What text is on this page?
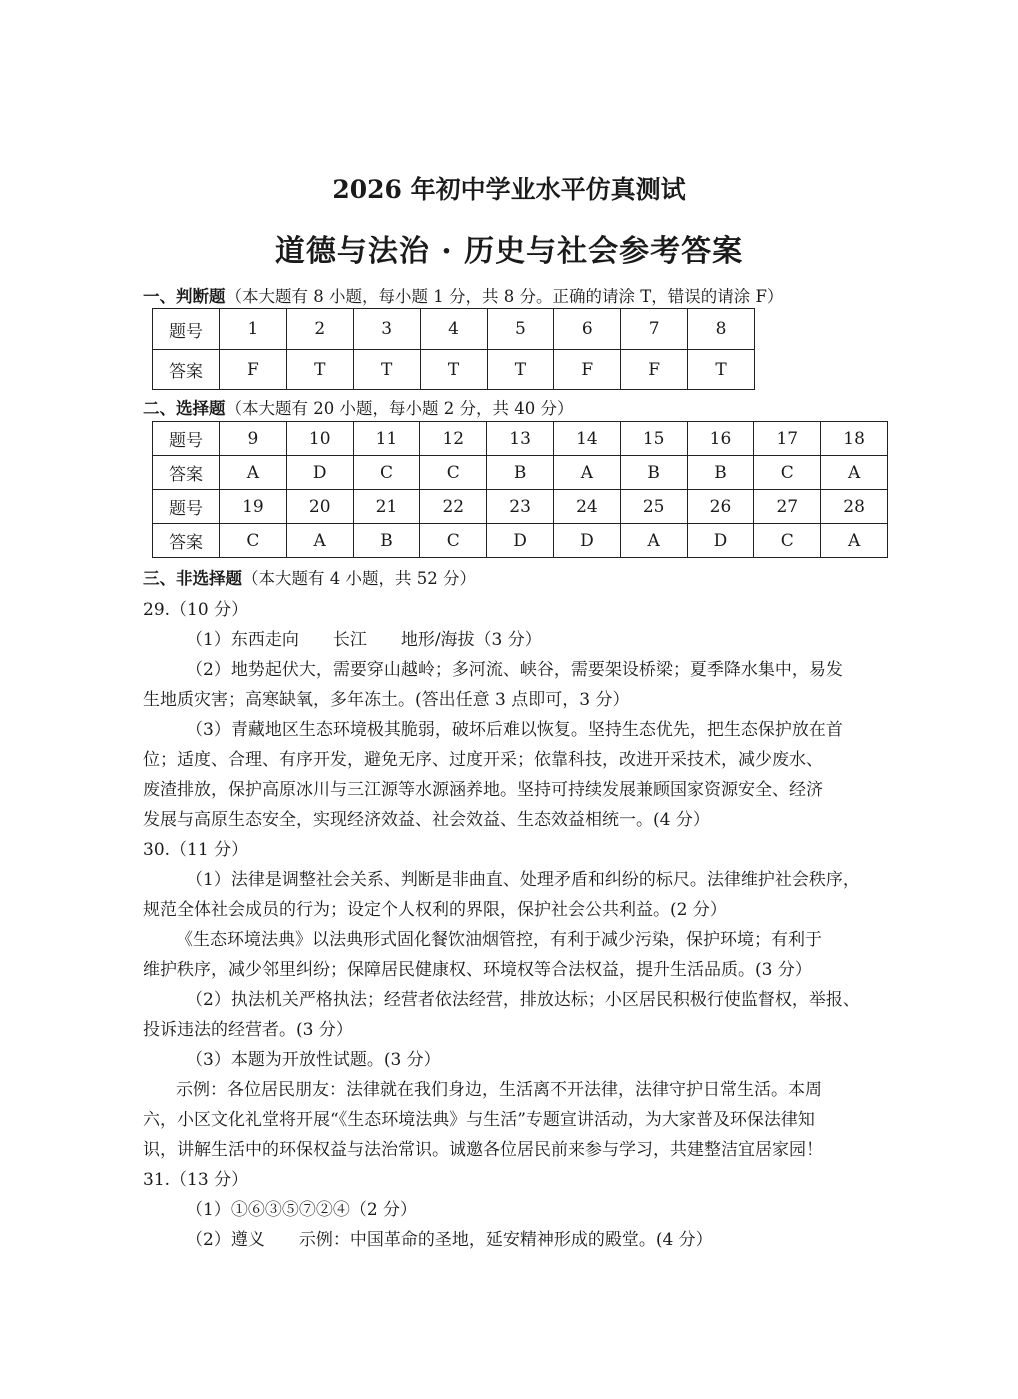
2026 年初中学业水平仿真测试
道德与法治 · 历史与社会参考答案
一、判断题（本大题有 8 小题，每小题 1 分，共 8 分。正确的请涂 T，错误的请涂 F）
题号	1	2	3	4	5	6	7	8
答案	F	T	T	T	T	F	F	T
二、选择题（本大题有 20 小题，每小题 2 分，共 40 分）
题号	9	10	11	12	13	14	15	16	17	18
答案	A	D	C	C	B	A	B	B	C	A
题号	19	20	21	22	23	24	25	26	27	28
答案	C	A	B	C	D	D	A	D	C	A
三、非选择题（本大题有 4 小题，共 52 分）
29.（10 分）
（1）东西走向　　长江　　地形/海拔（3 分）
（2）地势起伏大，需要穿山越岭；多河流、峡谷，需要架设桥梁；夏季降水集中，易发
生地质灾害；高寒缺氧，多年冻土。(答出任意 3 点即可，3 分）
（3）青藏地区生态环境极其脆弱，破坏后难以恢复。坚持生态优先，把生态保护放在首
位；适度、合理、有序开发，避免无序、过度开采；依靠科技，改进开采技术，减少废水、
废渣排放，保护高原冰川与三江源等水源涵养地。坚持可持续发展兼顾国家资源安全、经济
发展与高原生态安全，实现经济效益、社会效益、生态效益相统一。(4 分）
30.（11 分）
（1）法律是调整社会关系、判断是非曲直、处理矛盾和纠纷的标尺。法律维护社会秩序，
规范全体社会成员的行为；设定个人权利的界限，保护社会公共利益。(2 分）
《生态环境法典》以法典形式固化餐饮油烟管控，有利于减少污染，保护环境；有利于
维护秩序，减少邻里纠纷；保障居民健康权、环境权等合法权益，提升生活品质。(3 分）
（2）执法机关严格执法；经营者依法经营，排放达标；小区居民积极行使监督权，举报、
投诉违法的经营者。(3 分）
（3）本题为开放性试题。(3 分）
示例：各位居民朋友：法律就在我们身边，生活离不开法律，法律守护日常生活。本周
六，小区文化礼堂将开展“《生态环境法典》与生活”专题宣讲活动，为大家普及环保法律知
识，讲解生活中的环保权益与法治常识。诚邀各位居民前来参与学习，共建整洁宜居家园！
31.（13 分）
（1）①⑥③⑤⑦②④（2 分）
（2）遵义　　示例：中国革命的圣地，延安精神形成的殿堂。(4 分）
